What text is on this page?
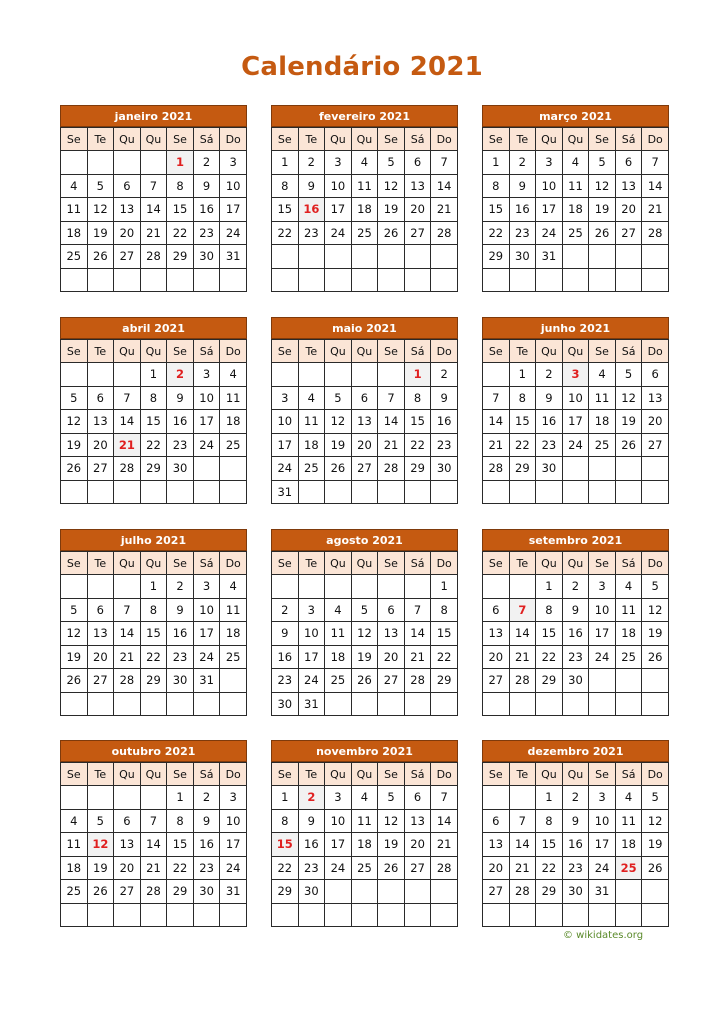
Calendário 2021
janeiro 2021
Se	Te	Qu	Qu	Se	Sá	Do
				1	2	3
4	5	6	7	8	9	10
11	12	13	14	15	16	17
18	19	20	21	22	23	24
25	26	27	28	29	30	31

fevereiro 2021
Se	Te	Qu	Qu	Se	Sá	Do
1	2	3	4	5	6	7
8	9	10	11	12	13	14
15	16	17	18	19	20	21
22	23	24	25	26	27	28

março 2021
Se	Te	Qu	Qu	Se	Sá	Do
1	2	3	4	5	6	7
8	9	10	11	12	13	14
15	16	17	18	19	20	21
22	23	24	25	26	27	28
29	30	31				

abril 2021
Se	Te	Qu	Qu	Se	Sá	Do
			1	2	3	4
5	6	7	8	9	10	11
12	13	14	15	16	17	18
19	20	21	22	23	24	25
26	27	28	29	30		

maio 2021
Se	Te	Qu	Qu	Se	Sá	Do
					1	2
3	4	5	6	7	8	9
10	11	12	13	14	15	16
17	18	19	20	21	22	23
24	25	26	27	28	29	30
31						
junho 2021
Se	Te	Qu	Qu	Se	Sá	Do
	1	2	3	4	5	6
7	8	9	10	11	12	13
14	15	16	17	18	19	20
21	22	23	24	25	26	27
28	29	30				

julho 2021
Se	Te	Qu	Qu	Se	Sá	Do
			1	2	3	4
5	6	7	8	9	10	11
12	13	14	15	16	17	18
19	20	21	22	23	24	25
26	27	28	29	30	31	

agosto 2021
Se	Te	Qu	Qu	Se	Sá	Do
						1
2	3	4	5	6	7	8
9	10	11	12	13	14	15
16	17	18	19	20	21	22
23	24	25	26	27	28	29
30	31					
setembro 2021
Se	Te	Qu	Qu	Se	Sá	Do
		1	2	3	4	5
6	7	8	9	10	11	12
13	14	15	16	17	18	19
20	21	22	23	24	25	26
27	28	29	30			

outubro 2021
Se	Te	Qu	Qu	Se	Sá	Do
				1	2	3
4	5	6	7	8	9	10
11	12	13	14	15	16	17
18	19	20	21	22	23	24
25	26	27	28	29	30	31

novembro 2021
Se	Te	Qu	Qu	Se	Sá	Do
1	2	3	4	5	6	7
8	9	10	11	12	13	14
15	16	17	18	19	20	21
22	23	24	25	26	27	28
29	30					

dezembro 2021
Se	Te	Qu	Qu	Se	Sá	Do
		1	2	3	4	5
6	7	8	9	10	11	12
13	14	15	16	17	18	19
20	21	22	23	24	25	26
27	28	29	30	31		

© wikidates.org
